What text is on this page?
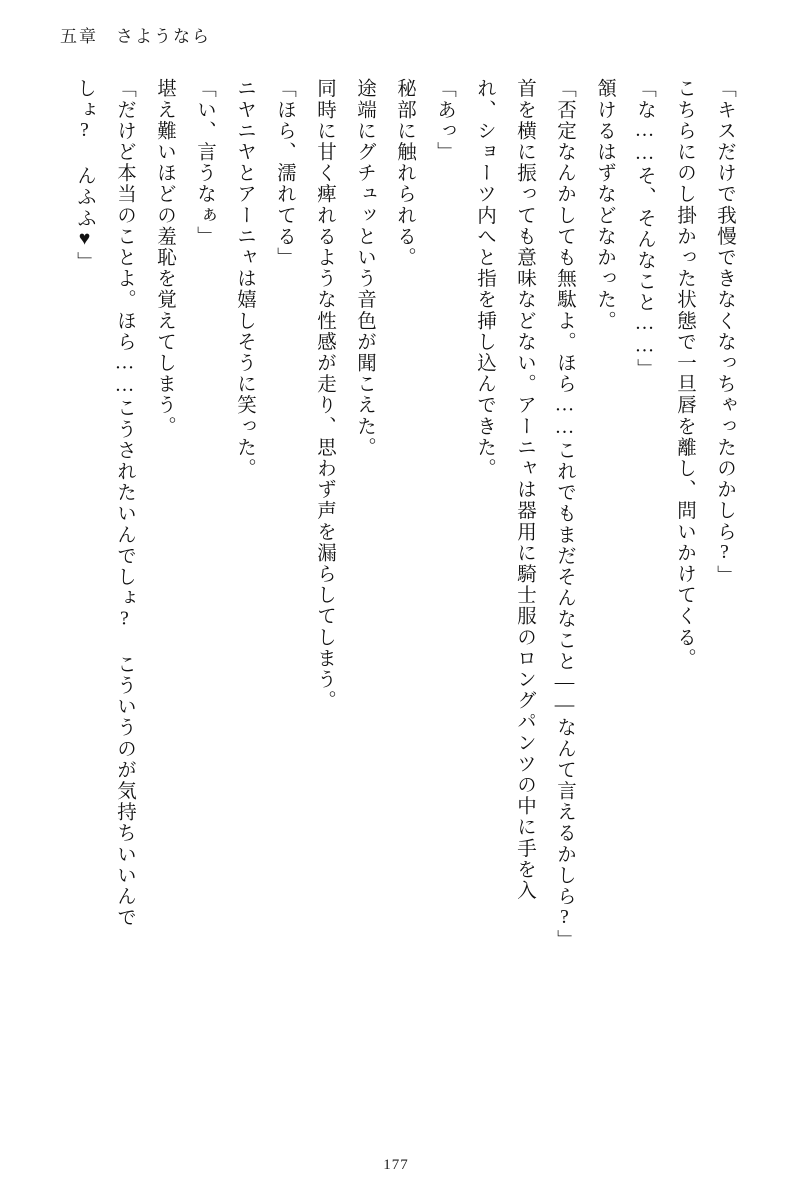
五章 さようなら
「キスだけで我慢できなくなっちゃったのかしら?」
こちらにのし掛かった状態で一旦唇を離し、問いかけてくる。
「な……そ、そんなこと……」
頷けるはずなどなかった。
「否定なんかしても無駄よ。ほら……これでもまだそんなこと――なんて言えるかしら?」
首を横に振っても意味などない。アーニャは器用に騎士服のロングパンツの中に手を入
れ、ショーツ内へと指を挿し込んできた。
「あっ」
秘部に触れられる。
途端にグチュッという音色が聞こえた。
同時に甘く痺れるような性感が走り、思わず声を漏らしてしまう。
「ほら、濡れてる」
ニヤニヤとアーニャは嬉しそうに笑った。
「い、言うなぁ」
堪え難いほどの羞恥を覚えてしまう。
「だけど本当のことよ。ほら……こうされたいんでしょ? こういうのが気持ちいいんで
しょ? んふふ♥」
177
